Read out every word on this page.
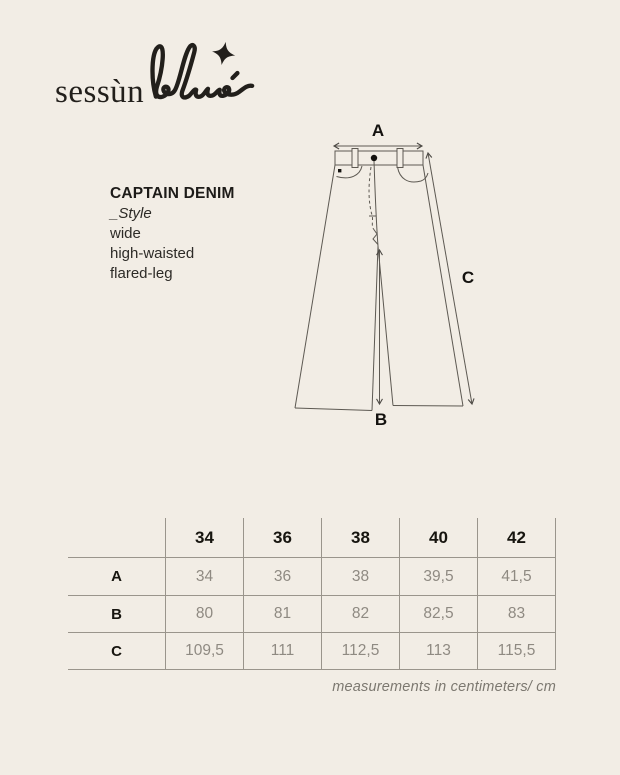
sessùn
CAPTAIN DENIM
_Style
wide
high-waisted
flared-leg
A
B
C
34	36	38	40	42
A	34	36	38	39,5	41,5
B	80	81	82	82,5	83
C	109,5	111	112,5	113	115,5
measurements in centimeters/ cm
